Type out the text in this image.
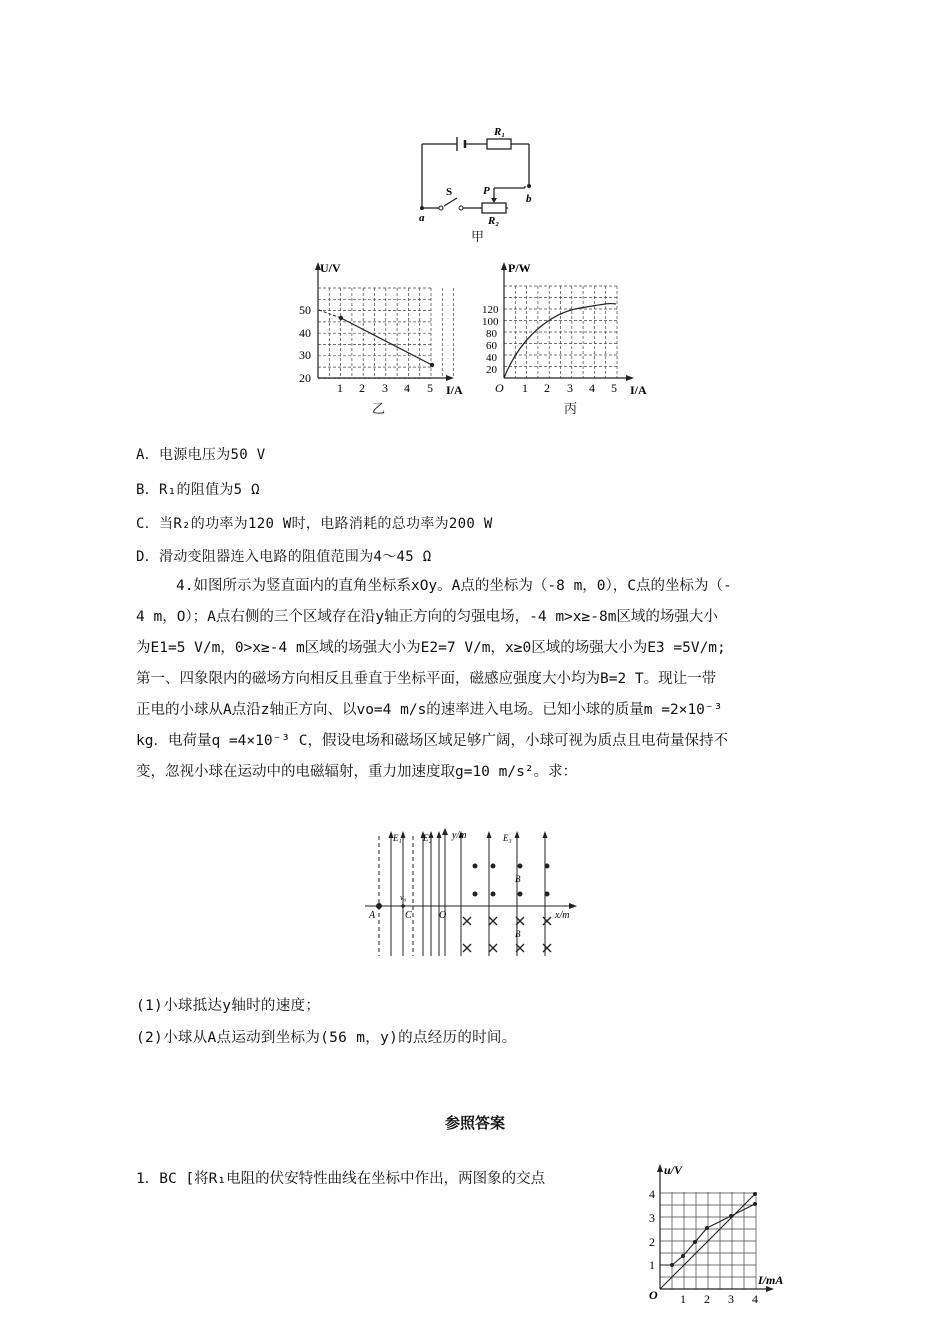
R₁
S	P
a
b
R₂
甲
U/V
I/A
50
40
30
20
1 2 3 4 5
乙
P/W
I/A
O
120
100
80
60
40
20
1 2 3 4 5
丙
A．电源电压为50 V
B．R₁的阻值为5 Ω
C．当R₂的功率为120 W时，电路消耗的总功率为200 W
D．滑动变阻器连入电路的阻值范围为4～45 Ω
4.如图所示为竖直面内的直角坐标系xOy。A点的坐标为（-8 m，0），C点的坐标为（-
4 m，O）；A点右侧的三个区域存在沿y轴正方向的匀强电场，-4 m>x≥-8m区域的场强大小
为E1=5 V/m，0>x≥-4 m区域的场强大小为E2=7 V/m，x≥0区域的场强大小为E3 =5V/m;
第一、四象限内的磁场方向相反且垂直于坐标平面，磁感应强度大小均为B=2 T。现让一带
正电的小球从A点沿z轴正方向、以vo=4 m/s的速率进入电场。已知小球的质量m =2×10⁻³
kg．电荷量q =4×10⁻³ C，假设电场和磁场区域足够广阔，小球可视为质点且电荷量保持不
变，忽视小球在运动中的电磁辐射，重力加速度取g=10 m/s²。求：
E₁ E₂	E₃
y/m
x/m
A	C	O
v₀
B
B
(1)小球抵达y轴时的速度；
(2)小球从A点运动到坐标为(56 m，y)的点经历的时间。
参照答案
1．BC [将R₁电阻的伏安特性曲线在坐标中作出，两图象的交点
u/V
I/mA
O
4
3
2
1
1 2 3 4
